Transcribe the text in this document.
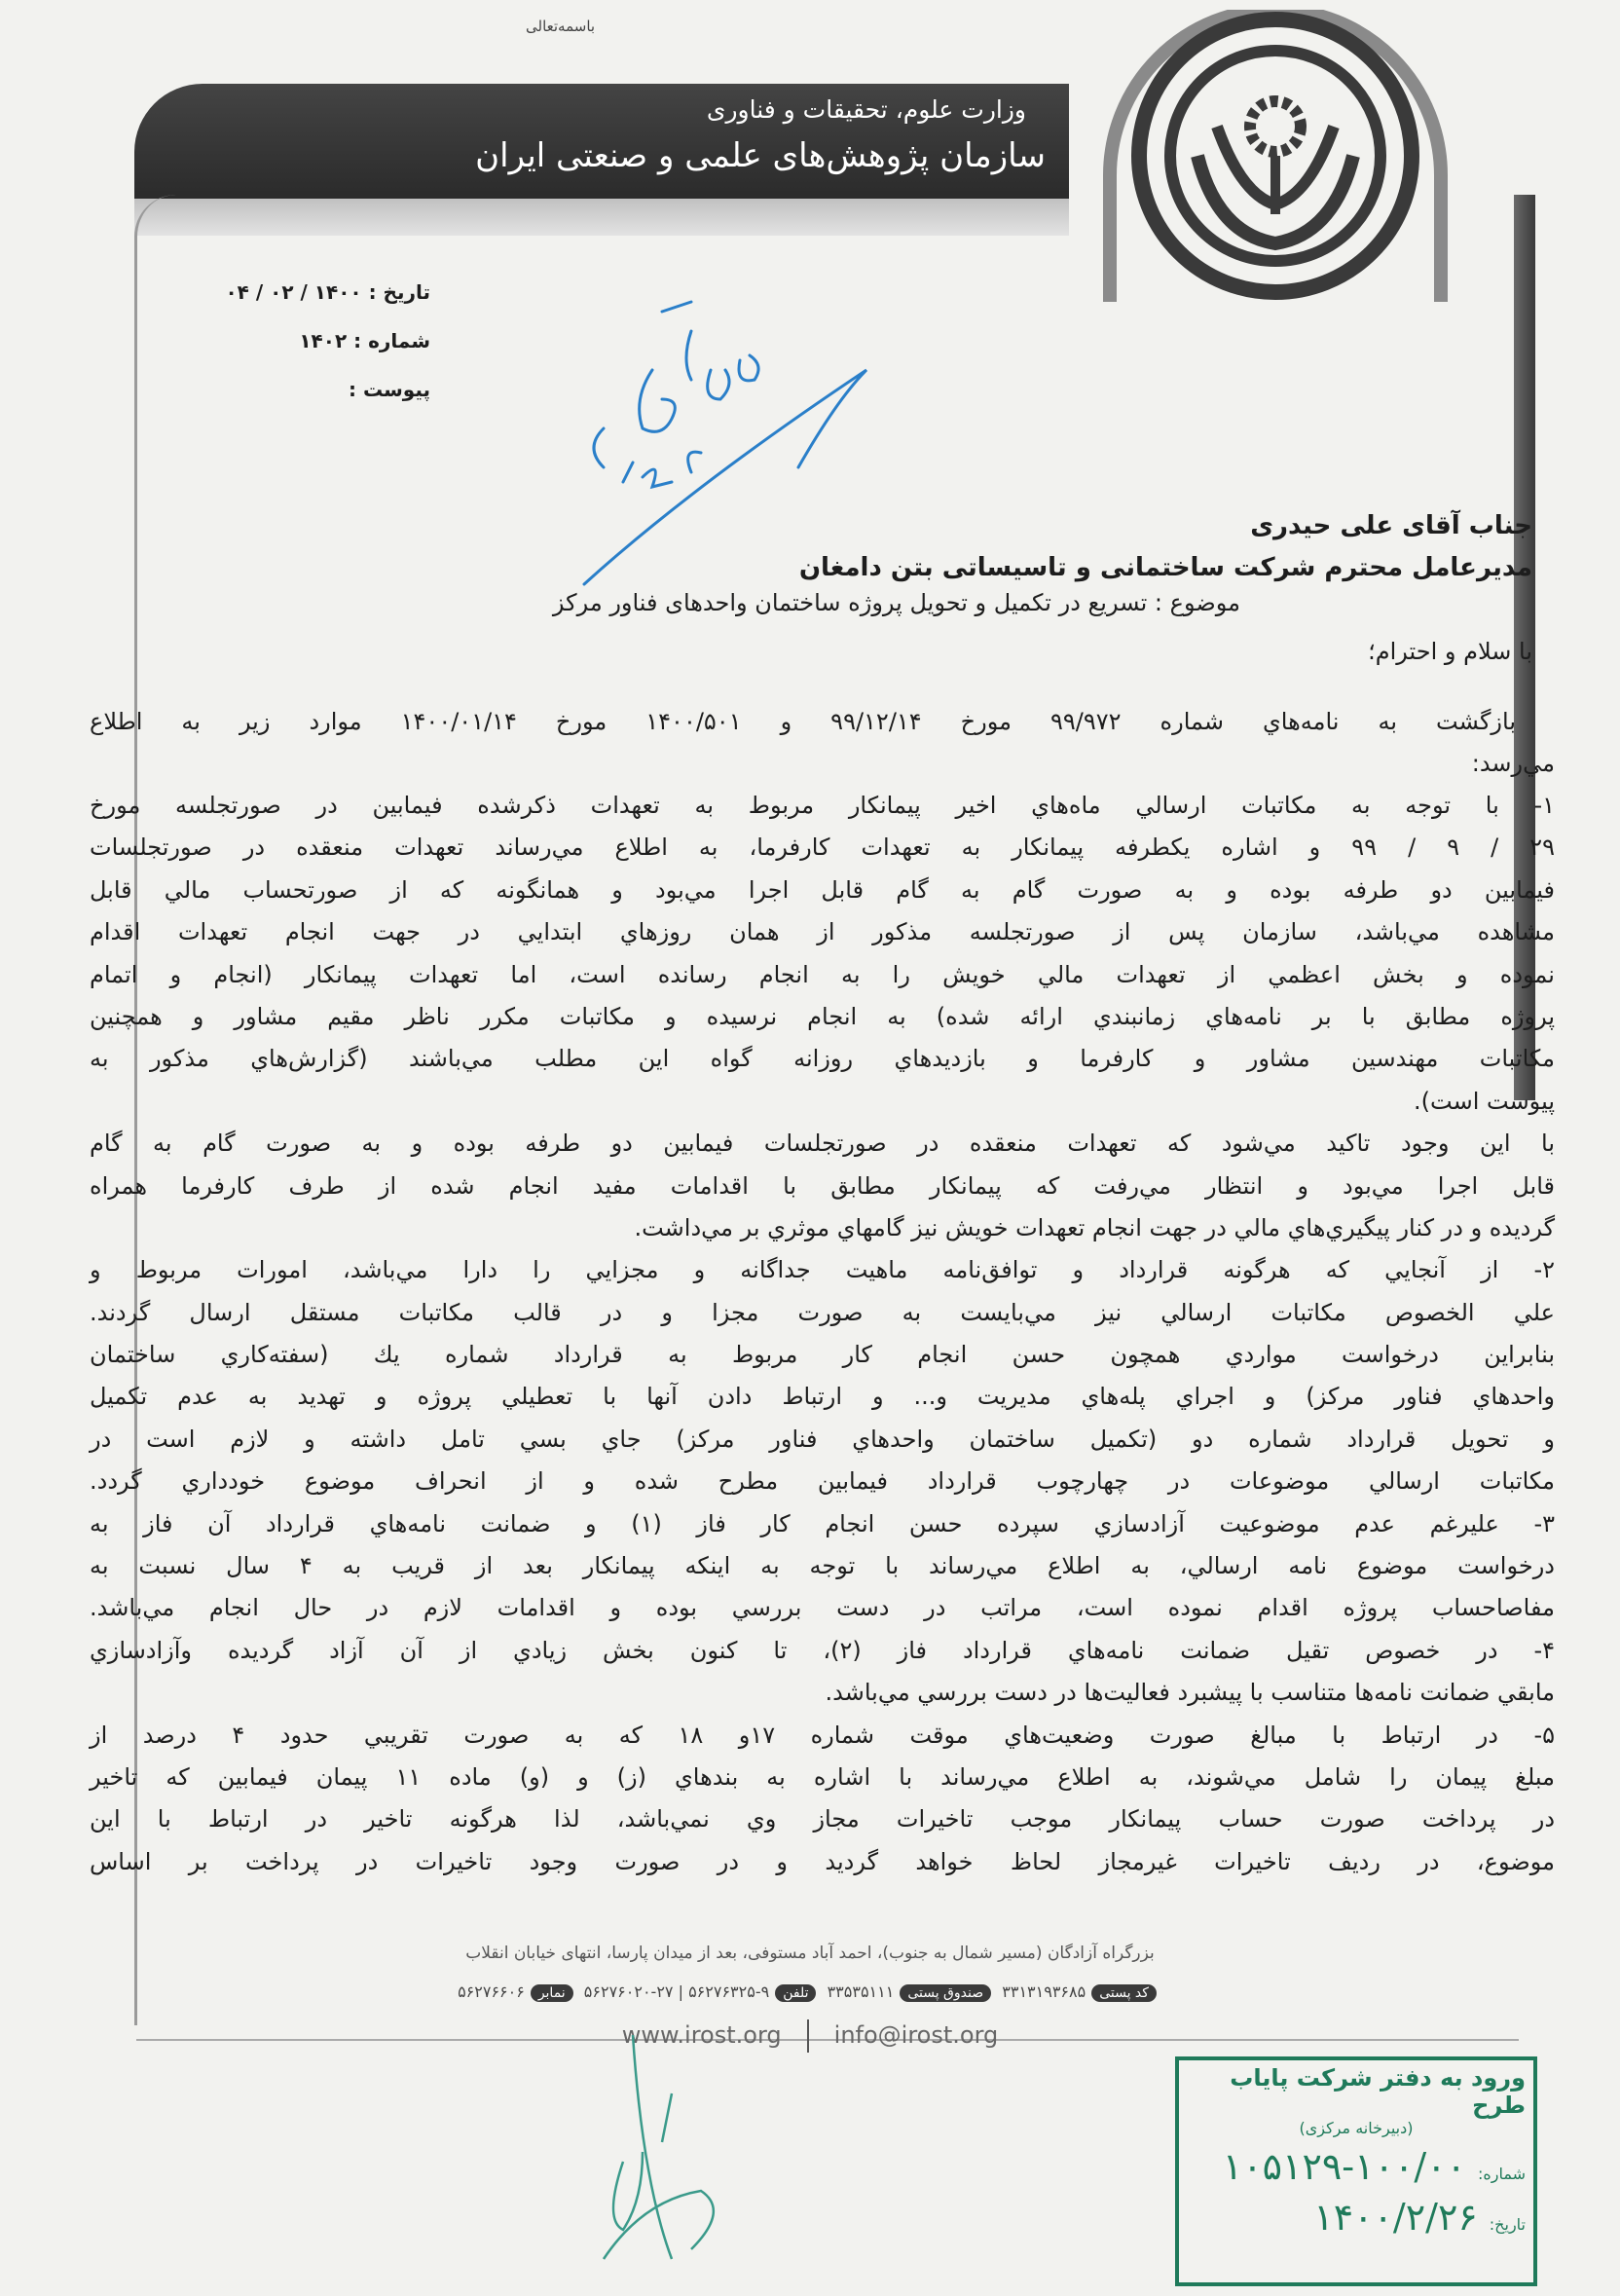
باسمه‌تعالی
وزارت علوم، تحقیقات و فناوری
سازمان پژوهش‌های علمی و صنعتی ایران
تاریخ : ۱۴۰۰ / ۰۲ / ۰۴
شماره : ۱۴۰۲
پیوست :
جناب آقای علی حیدری
مدیرعامل محترم شرکت ساختمانی و تاسیساتی بتن دامغان
موضوع : تسریع در تکمیل و تحویل پروژه ساختمان واحدهای فناور مرکز
با سلام و احترام؛
بازگشت به نامه‌هاي شماره ۹۹/۹۷۲ مورخ ۹۹/۱۲/۱۴ و ۱۴۰۰/۵۰۱ مورخ ۱۴۰۰/۰۱/۱۴ موارد زير به اطلاع
مي‌رسد:
۱- با توجه به مكاتبات ارسالي ماه‌هاي اخير پيمانكار مربوط به تعهدات ذكرشده فيمابين در صورتجلسه مورخ
۲۹ / ۹ / ۹۹ و اشاره يكطرفه پيمانكار به تعهدات كارفرما، به اطلاع مي‌رساند تعهدات منعقده در صورتجلسات
فيمابين دو طرفه بوده و به صورت گام به گام قابل اجرا مي‌بود و همانگونه كه از صورتحساب مالي قابل
مشاهده مي‌باشد، سازمان پس از صورتجلسه مذكور از همان روزهاي ابتدايي در جهت انجام تعهدات اقدام
نموده و بخش اعظمي از تعهدات مالي خويش را به انجام رسانده است، اما تعهدات پيمانكار (انجام و اتمام
پروژه مطابق با بر نامه‌هاي زمانبندي ارائه شده) به انجام نرسيده و مكاتبات مكرر ناظر مقيم مشاور و همچنين
مكاتبات مهندسين مشاور و كارفرما و بازديدهاي روزانه گواه اين مطلب مي‌باشند (گزارش‌هاي مذكور به
پيوست است).
با اين وجود تاكيد مي‌شود كه تعهدات منعقده در صورتجلسات فيمابين دو طرفه بوده و به صورت گام به گام
قابل اجرا مي‌بود و انتظار مي‌رفت كه پيمانكار مطابق با اقدامات مفيد انجام شده از طرف كارفرما همراه
گرديده و در كنار پيگيري‌هاي مالي در جهت انجام تعهدات خويش نيز گامهاي موثري بر مي‌داشت.
۲- از آنجايي كه هرگونه قرارداد و توافق‌نامه ماهيت جداگانه و مجزايي را دارا مي‌باشد، امورات مربوط و
علي الخصوص مكاتبات ارسالي نيز مي‌بايست به صورت مجزا و در قالب مكاتبات مستقل ارسال گردند.
بنابراين درخواست مواردي همچون حسن انجام كار مربوط به قرارداد شماره يك (سفته‌كاري ساختمان
واحدهاي فناور مركز) و اجراي پله‌هاي مديريت و... و ارتباط دادن آنها با تعطيلي پروژه و تهديد به عدم تكميل
و تحويل قرارداد شماره دو (تكميل ساختمان واحدهاي فناور مركز) جاي بسي تامل داشته و لازم است در
مكاتبات ارسالي موضوعات در چهارچوب قرارداد فيمابين مطرح شده و از انحراف موضوع خودداري گردد.
۳- عليرغم عدم موضوعيت آزادسازي سپرده حسن انجام كار فاز (۱) و ضمانت نامه‌هاي قرارداد آن فاز به
درخواست موضوع نامه ارسالي، به اطلاع مي‌رساند با توجه به اينكه پيمانكار بعد از قريب به ۴ سال نسبت به
مفاصاحساب پروژه اقدام نموده است، مراتب در دست بررسي بوده و اقدامات لازم در حال انجام مي‌باشد.
۴- در خصوص تقيل ضمانت نامه‌هاي قرارداد فاز (۲)، تا كنون بخش زيادي از آن آزاد گرديده وآزادسازي
مابقي ضمانت نامه‌ها متناسب با پيشبرد فعاليت‌ها در دست بررسي مي‌باشد.
۵- در ارتباط با مبالغ صورت وضعيت‌هاي موقت شماره ۱۷و ۱۸ كه به صورت تقريبي حدود ۴ درصد از
مبلغ پيمان را شامل مي‌شوند، به اطلاع مي‌رساند با اشاره به بندهاي (ز) و (و) ماده ۱۱ پيمان فيمابين كه تاخير
در پرداخت صورت حساب پيمانكار موجب تاخيرات مجاز وي نمي‌باشد، لذا هرگونه تاخير در ارتباط با اين
موضوع، در رديف تاخيرات غيرمجاز لحاظ خواهد گرديد و در صورت وجود تاخيرات در پرداخت بر اساس
بزرگراه آزادگان (مسیر شمال به جنوب)، احمد آباد مستوفی، بعد از میدان پارسا، انتهای خیابان انقلاب
کد پستی۳۳۱۳۱۹۳۶۸۵ صندوق پستی۳۳۵۳۵۱۱۱ تلفن۵۶۲۷۶۳۲۵-۹ | ۵۶۲۷۶۰۲۰-۲۷ نمابر۵۶۲۷۶۶۰۶
www.irost.org info@irost.org
ورود به دفتر شرکت پایاب طرح
(دبیرخانه مرکزی)
شماره:۱۰۰/۰۰-۱۰۵۱۲۹
تاریخ:۱۴۰۰/۲/۲۶
